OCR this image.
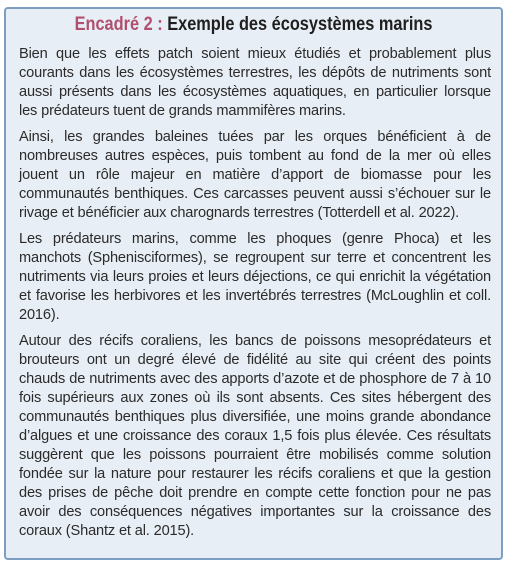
Encadré 2 : Exemple des écosystèmes marins

Bien que les effets patch soient mieux étudiés et probablement plus courants dans les écosystèmes terrestres, les dépôts de nutriments sont aussi présents dans les écosystèmes aquatiques, en particulier lorsque les prédateurs tuent de grands mammifères marins.

Ainsi, les grandes baleines tuées par les orques bénéficient à de nombreuses autres espèces, puis tombent au fond de la mer où elles jouent un rôle majeur en matière d’apport de biomasse pour les communautés benthiques. Ces carcasses peuvent aussi s’échouer sur le rivage et bénéficier aux charognards terrestres (Totterdell et al. 2022).

Les prédateurs marins, comme les phoques (genre Phoca) et les manchots (Sphenisciformes), se regroupent sur terre et concentrent les nutriments via leurs proies et leurs déjections, ce qui enrichit la végétation et favorise les herbivores et les invertébrés terrestres (McLoughlin et coll. 2016).

Autour des récifs coraliens, les bancs de poissons mesoprédateurs et brouteurs ont un degré élevé de fidélité au site qui créent des points chauds de nutriments avec des apports d’azote et de phosphore de 7 à 10 fois supérieurs aux zones où ils sont absents. Ces sites hébergent des communautés benthiques plus diversifiée, une moins grande abondance d’algues et une croissance des coraux 1,5 fois plus élevée. Ces résultats suggèrent que les poissons pourraient être mobilisés comme solution fondée sur la nature pour restaurer les récifs coraliens et que la gestion des prises de pêche doit prendre en compte cette fonction pour ne pas avoir des conséquences négatives importantes sur la croissance des coraux (Shantz et al. 2015).
